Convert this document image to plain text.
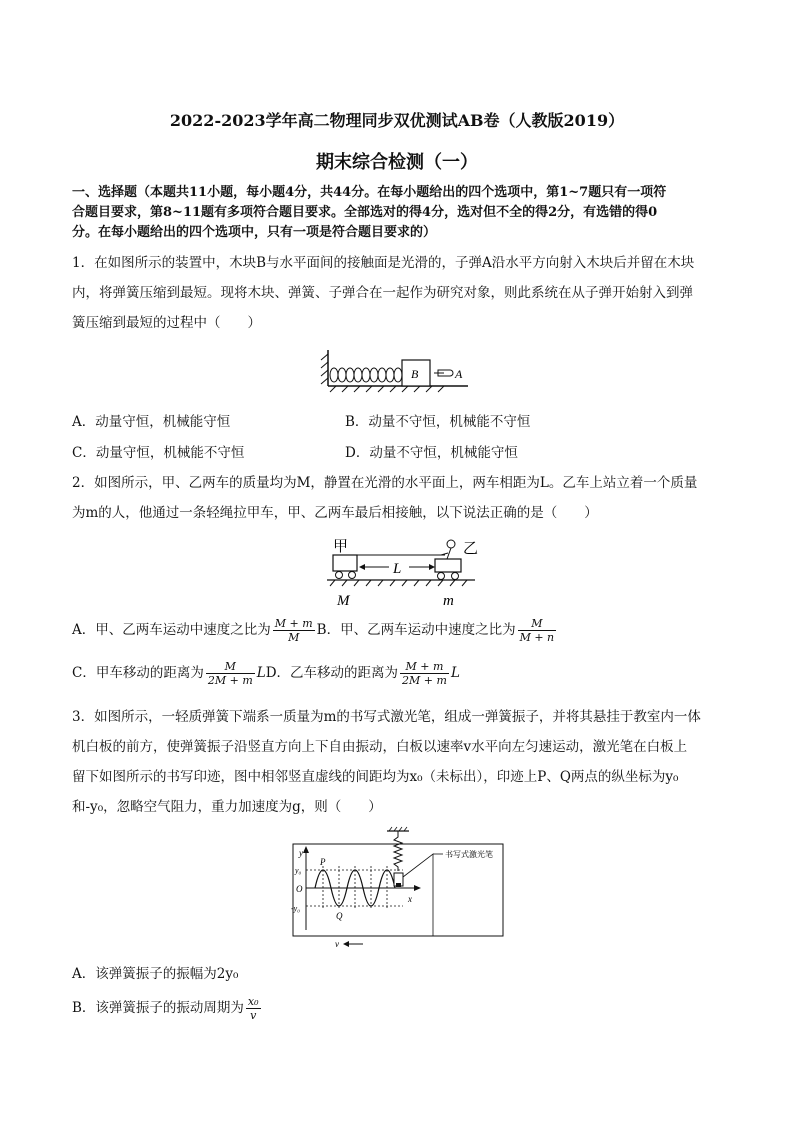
2022-2023学年高二物理同步双优测试AB卷（人教版2019）
期末综合检测（一）
一、选择题（本题共11小题，每小题4分，共44分。在每小题给出的四个选项中，第1~7题只有一项符
合题目要求，第8~11题有多项符合题目要求。全部选对的得4分，选对但不全的得2分，有选错的得0
分。在每小题给出的四个选项中，只有一项是符合题目要求的）
1．在如图所示的装置中，木块B与水平面间的接触面是光滑的，子弹A沿水平方向射入木块后并留在木块
内，将弹簧压缩到最短。现将木块、弹簧、子弹合在一起作为研究对象，则此系统在从子弹开始射入到弹
簧压缩到最短的过程中（　　）
B	A
A．动量守恒，机械能守恒	B．动量不守恒，机械能不守恒
C．动量守恒，机械能不守恒	D．动量不守恒，机械能守恒
2．如图所示，甲、乙两车的质量均为M，静置在光滑的水平面上，两车相距为L。乙车上站立着一个质量
为m的人，他通过一条轻绳拉甲车，甲、乙两车最后相接触，以下说法正确的是（　　）
甲	乙
L
M	m
A．甲、乙两车运动中速度之比为 $\frac{M + m}{M}$ B．甲、乙两车运动中速度之比为 $\frac{M}{M + n}$
C．甲车移动的距离为 $\frac{M}{2M + m}$ LD．乙车移动的距离为 $\frac{M + m}{2M + m}$ L
3．如图所示，一轻质弹簧下端系一质量为m的书写式激光笔，组成一弹簧振子，并将其悬挂于教室内一体
机白板的前方，使弹簧振子沿竖直方向上下自由振动，白板以速率v水平向左匀速运动，激光笔在白板上
留下如图所示的书写印迹，图中相邻竖直虚线的间距均为x₀（未标出），印迹上P、Q两点的纵坐标为y₀
和-y₀，忽略空气阻力，重力加速度为g，则（　　）
y
x
O
y₀
-y₀
P
Q
书写式激光笔
v
A．该弹簧振子的振幅为2y₀
B．该弹簧振子的振动周期为 $\frac{\text{x₀}}{v}$
